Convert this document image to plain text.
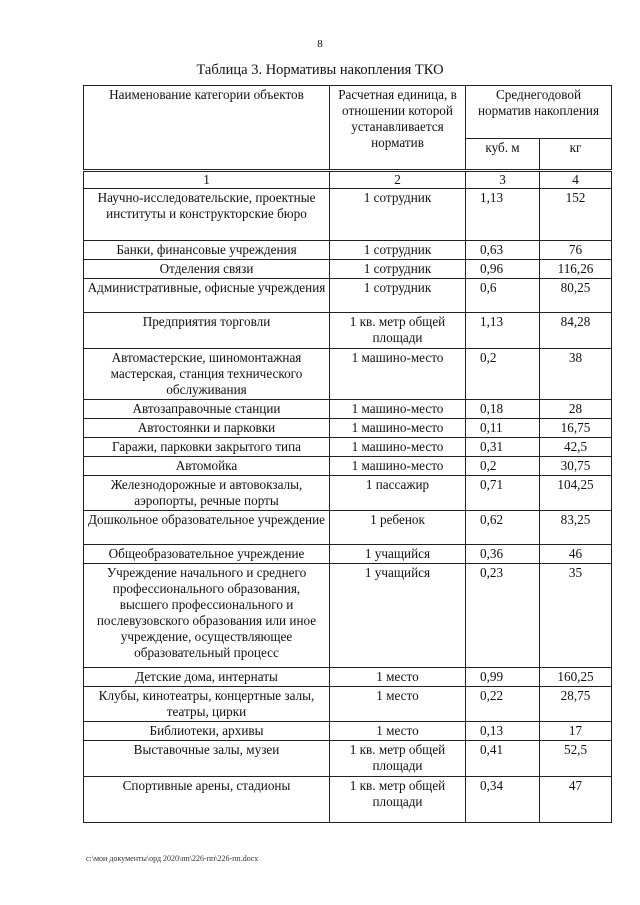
8
Таблица 3. Нормативы накопления ТКО
Наименование категории объектов	Расчетная единица, в отношении которой устанавливается норматив	Среднегодовой норматив накопления	
		куб. м	кг
1	2	3	4
Научно-исследовательские, проектные институты и конструкторские бюро	1 сотрудник	1,13	152
Банки, финансовые учреждения	1 сотрудник	0,63	76
Отделения связи	1 сотрудник	0,96	116,26
Административные, офисные учреждения	1 сотрудник	0,6	80,25
Предприятия торговли	1 кв. метр общей площади	1,13	84,28
Автомастерские, шиномонтажная мастерская, станция технического обслуживания	1 машино-место	0,2	38
Автозаправочные станции	1 машино-место	0,18	28
Автостоянки и парковки	1 машино-место	0,11	16,75
Гаражи, парковки закрытого типа	1 машино-место	0,31	42,5
Автомойка	1 машино-место	0,2	30,75
Железнодорожные и автовокзалы, аэропорты, речные порты	1 пассажир	0,71	104,25
Дошкольное образовательное учреждение	1 ребенок	0,62	83,25
Общеобразовательное учреждение	1 учащийся	0,36	46
Учреждение начального и среднего профессионального образования, высшего профессионального и послевузовского образования или иное учреждение, осуществляющее образовательный процесс	1 учащийся	0,23	35
Детские дома, интернаты	1 место	0,99	160,25
Клубы, кинотеатры, концертные залы, театры, цирки	1 место	0,22	28,75
Библиотеки, архивы	1 место	0,13	17
Выставочные залы, музеи	1 кв. метр общей площади	0,41	52,5
Спортивные арены, стадионы	1 кв. метр общей площади	0,34	47
c:\мои документы\орд 2020\пп\226-пп\226-пп.docx
